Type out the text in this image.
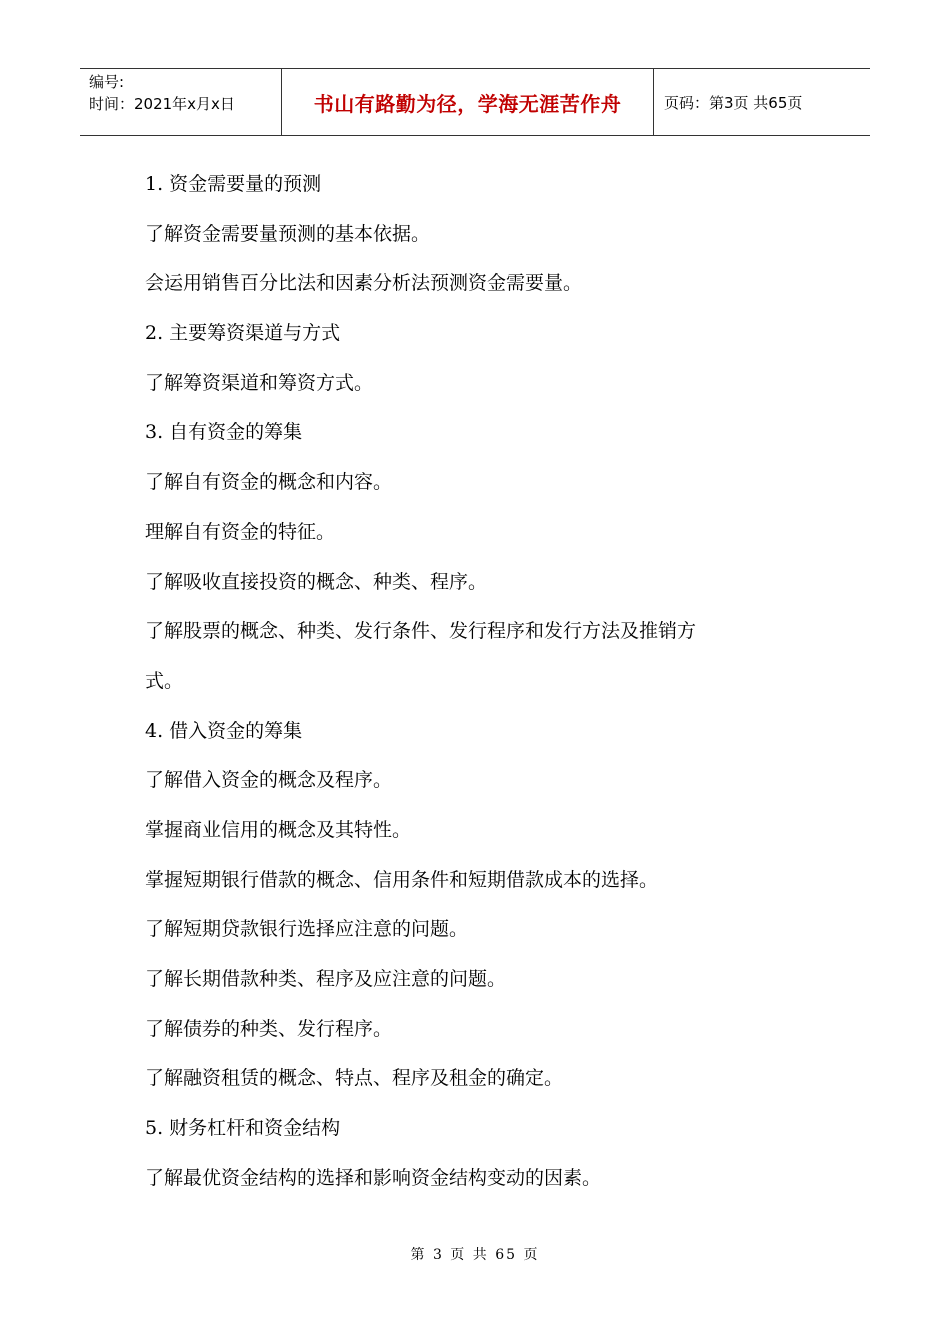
编号:
时间：2021年x月x日	书山有路勤为径，学海无涯苦作舟	页码：第3页 共65页
1. 资金需要量的预测
了解资金需要量预测的基本依据。
会运用销售百分比法和因素分析法预测资金需要量。
2. 主要筹资渠道与方式
了解筹资渠道和筹资方式。
3. 自有资金的筹集
了解自有资金的概念和内容。
理解自有资金的特征。
了解吸收直接投资的概念、种类、程序。
了解股票的概念、种类、发行条件、发行程序和发行方法及推销方
式。
4. 借入资金的筹集
了解借入资金的概念及程序。
掌握商业信用的概念及其特性。
掌握短期银行借款的概念、信用条件和短期借款成本的选择。
了解短期贷款银行选择应注意的问题。
了解长期借款种类、程序及应注意的问题。
了解债券的种类、发行程序。
了解融资租赁的概念、特点、程序及租金的确定。
5. 财务杠杆和资金结构
了解最优资金结构的选择和影响资金结构变动的因素。
第 3 页 共 65 页
